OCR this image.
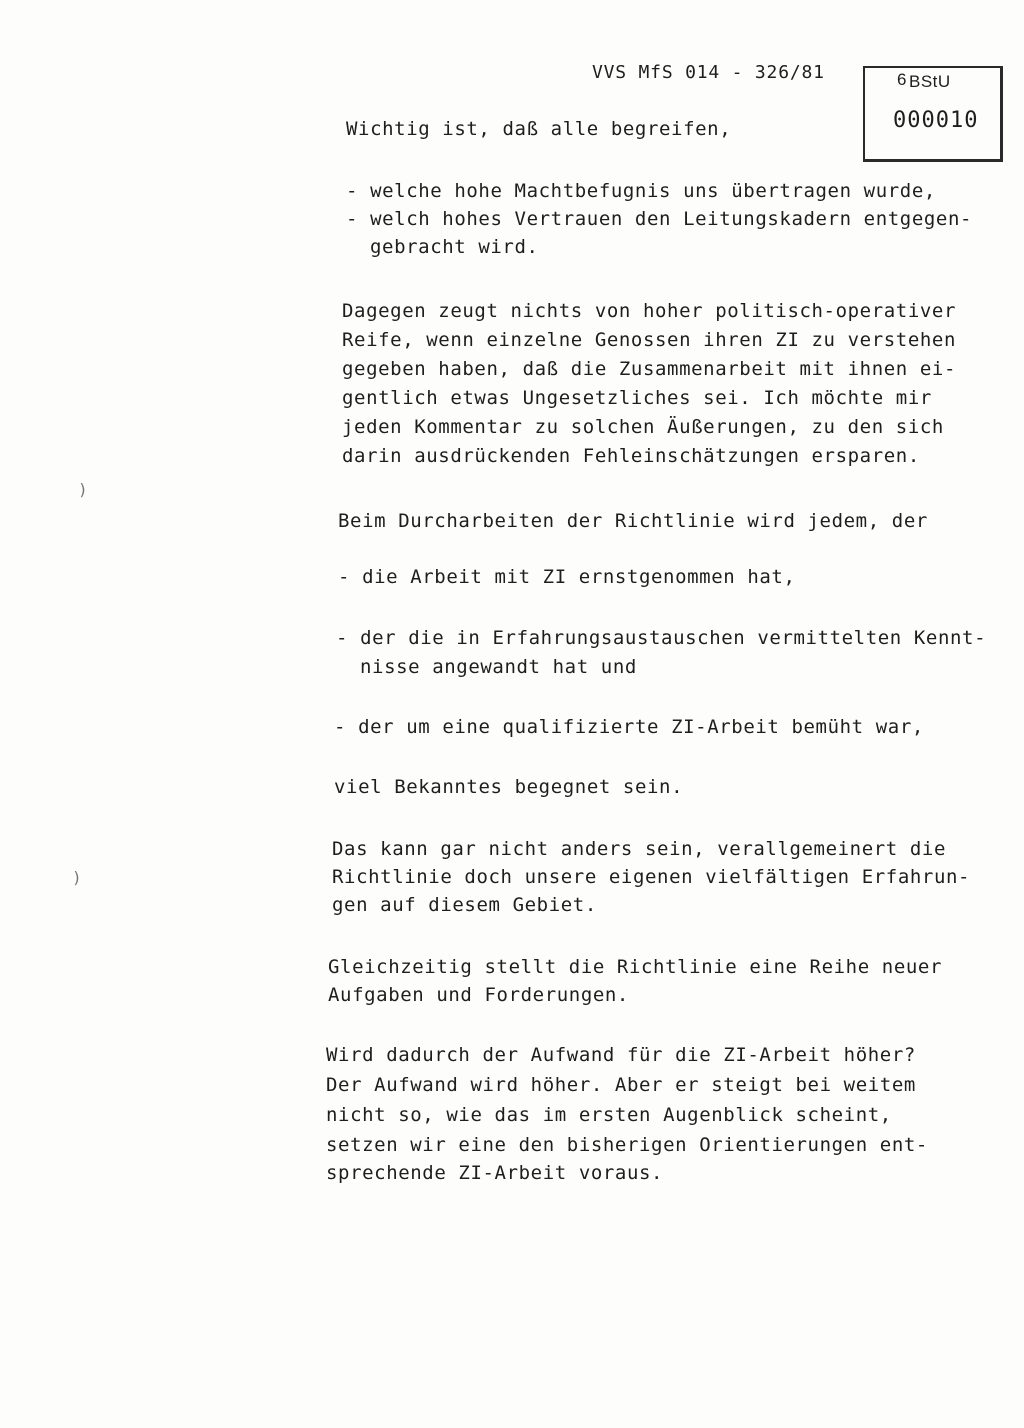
VVS MfS 014 - 326/81	6 BStU
000010
Wichtig ist, daß alle begreifen,
- welche hohe Machtbefugnis uns übertragen wurde,
- welch hohes Vertrauen den Leitungskadern entgegen-
gebracht wird.
Dagegen zeugt nichts von hoher politisch-operativer
Reife, wenn einzelne Genossen ihren ZI zu verstehen
gegeben haben, daß die Zusammenarbeit mit ihnen ei-
gentlich etwas Ungesetzliches sei. Ich möchte mir
jeden Kommentar zu solchen Äußerungen, zu den sich
darin ausdrückenden Fehleinschätzungen ersparen.
Beim Durcharbeiten der Richtlinie wird jedem, der
- die Arbeit mit ZI ernstgenommen hat,
- der die in Erfahrungsaustauschen vermittelten Kennt-
nisse angewandt hat und
- der um eine qualifizierte ZI-Arbeit bemüht war,
viel Bekanntes begegnet sein.
Das kann gar nicht anders sein, verallgemeinert die
Richtlinie doch unsere eigenen vielfältigen Erfahrun-
gen auf diesem Gebiet.
Gleichzeitig stellt die Richtlinie eine Reihe neuer
Aufgaben und Forderungen.
Wird dadurch der Aufwand für die ZI-Arbeit höher?
Der Aufwand wird höher. Aber er steigt bei weitem
nicht so, wie das im ersten Augenblick scheint,
setzen wir eine den bisherigen Orientierungen ent-
sprechende ZI-Arbeit voraus.
)
)
